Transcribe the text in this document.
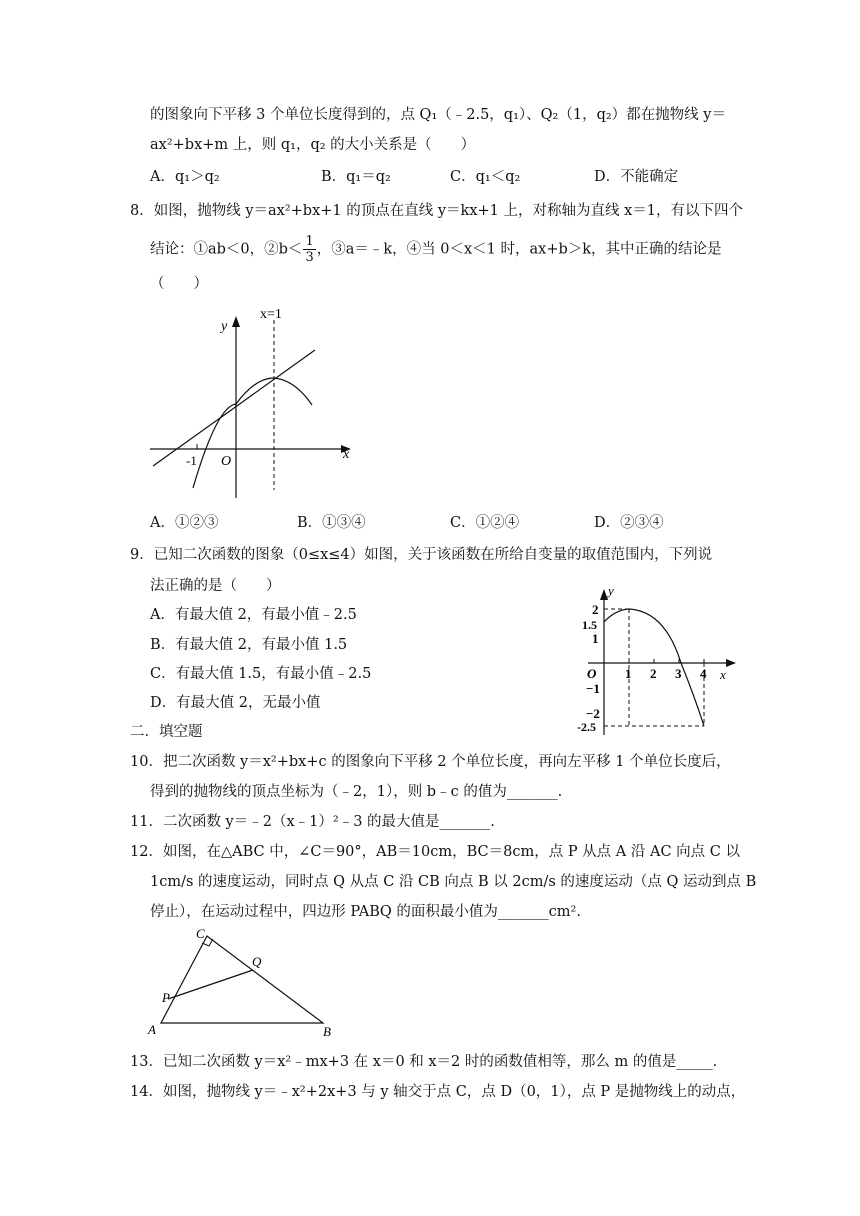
的图象向下平移 3 个单位长度得到的，点 Q₁（﹣2.5，q₁）、Q₂（1，q₂）都在抛物线 y＝
ax²+bx+m 上，则 q₁，q₂ 的大小关系是（　　）
A．q₁＞q₂	B．q₁＝q₂	C．q₁＜q₂	D．不能确定
8．如图，抛物线 y＝ax²+bx+1 的顶点在直线 y＝kx+1 上，对称轴为直线 x＝1，有以下四个
结论：①ab＜0，②b＜ $\frac{1}{3}$ ，③a＝﹣k，④当 0＜x＜1 时，ax+b＞k，其中正确的结论是
（　　）
x=1
y
x
O
-1
A．①②③	B．①③④	C．①②④	D．②③④
9．已知二次函数的图象（0≤x≤4）如图，关于该函数在所给自变量的取值范围内，下列说
法正确的是（　　）
A．有最大值 2，有最小值﹣2.5
B．有最大值 2，有最小值 1.5
C．有最大值 1.5，有最小值﹣2.5
D．有最大值 2，无最小值
y
x
O 1 2 3 4
2
1.5
1
−1
−2
-2.5
二．填空题
10．把二次函数 y＝x²+bx+c 的图象向下平移 2 个单位长度，再向左平移 1 个单位长度后，
得到的抛物线的顶点坐标为（﹣2，1），则 b﹣c 的值为_______.
11．二次函数 y＝﹣2（x﹣1）²﹣3 的最大值是_______.
12．如图，在△ABC 中，∠C＝90°，AB＝10cm，BC＝8cm，点 P 从点 A 沿 AC 向点 C 以
1cm/s 的速度运动，同时点 Q 从点 C 沿 CB 向点 B 以 2cm/s 的速度运动（点 Q 运动到点 B
停止），在运动过程中，四边形 PABQ 的面积最小值为_______cm².
C
Q
P
A	B
13．已知二次函数 y＝x²﹣mx+3 在 x＝0 和 x＝2 时的函数值相等，那么 m 的值是_____.
14．如图，抛物线 y＝﹣x²+2x+3 与 y 轴交于点 C，点 D（0，1），点 P 是抛物线上的动点，
